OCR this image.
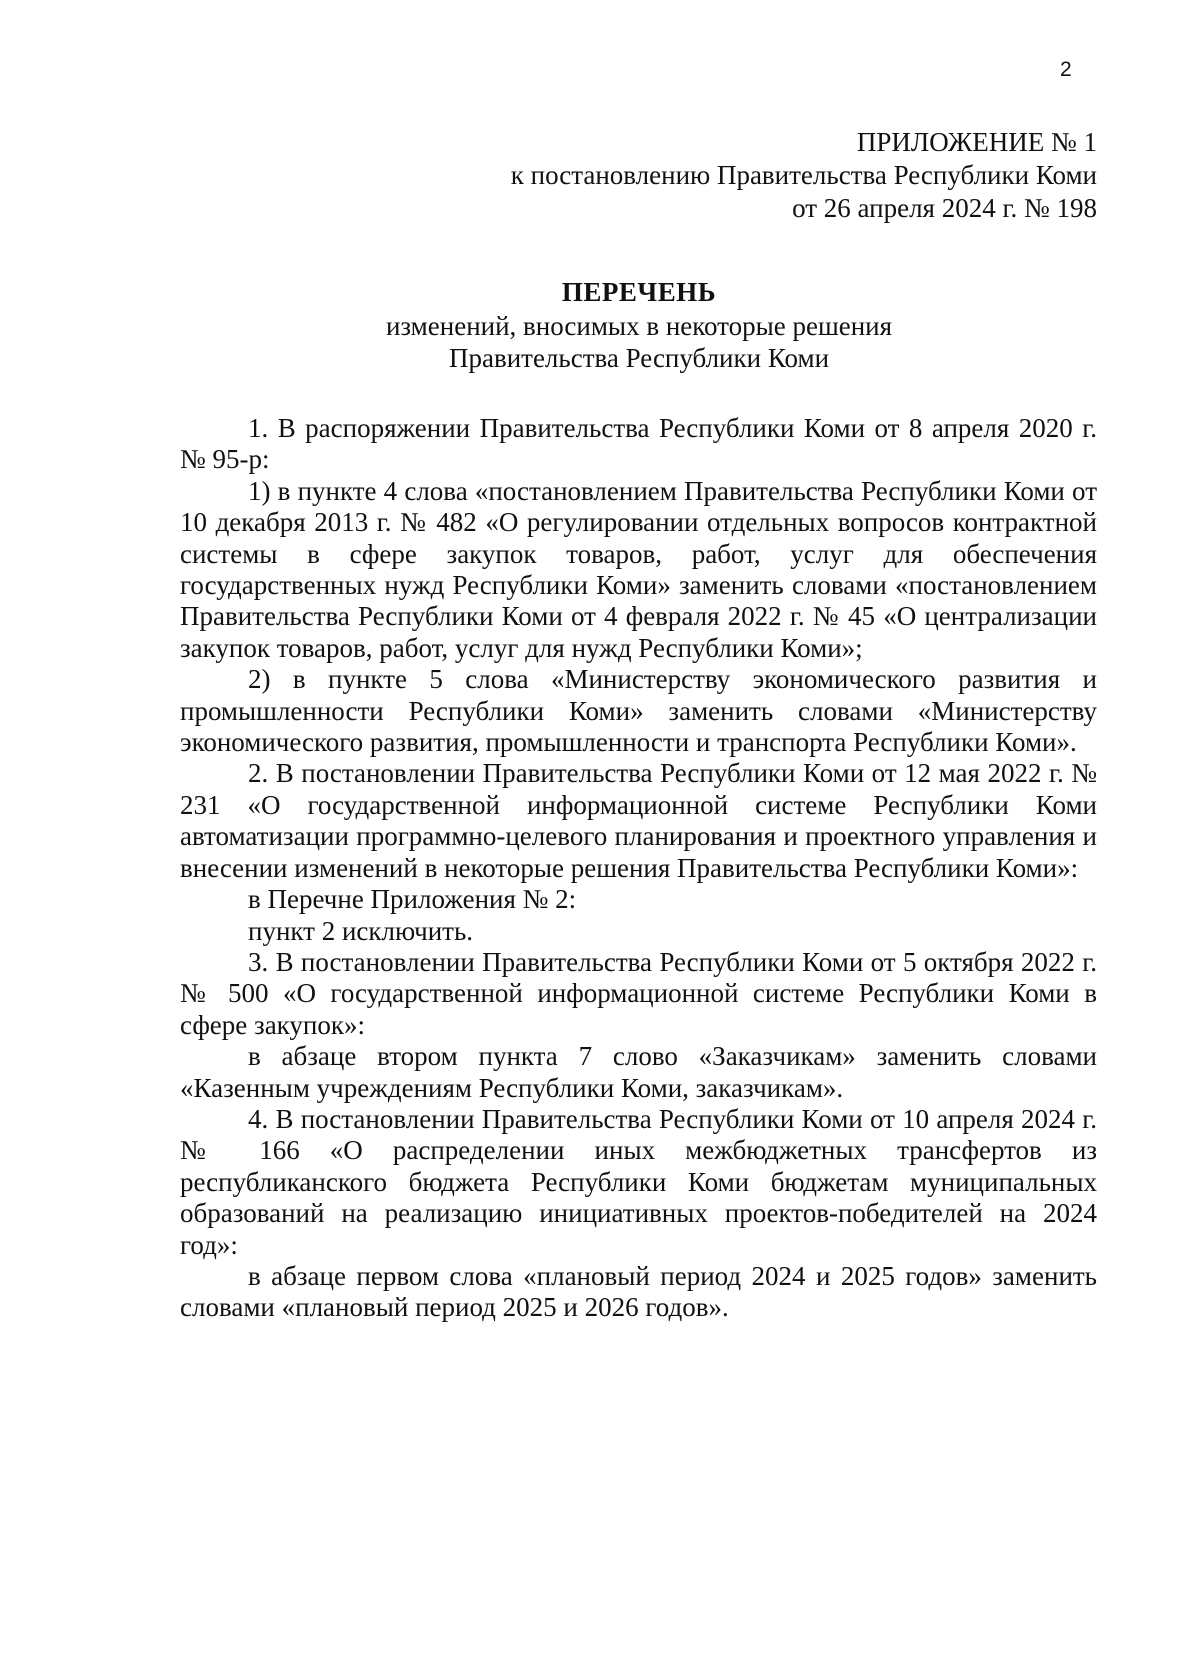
2
ПРИЛОЖЕНИЕ № 1
к постановлению Правительства Республики Коми
от 26 апреля 2024 г. № 198
ПЕРЕЧЕНЬ
изменений, вносимых в некоторые решения
Правительства Республики Коми

1. В распоряжении Правительства Республики Коми от 8 апреля 2020 г. № 95-р:

1) в пункте 4 слова «постановлением Правительства Республики Коми от 10 декабря 2013 г. № 482 «О регулировании отдельных вопросов контрактной системы в сфере закупок товаров, работ, услуг для обеспечения государственных нужд Республики Коми» заменить словами «постановлением Правительства Республики Коми от 4 февраля 2022 г. № 45 «О централизации закупок товаров, работ, услуг для нужд Республики Коми»;

2) в пункте 5 слова «Министерству экономического развития и промышленности Республики Коми» заменить словами «Министерству экономического развития, промышленности и транспорта Республики Коми».

2. В постановлении Правительства Республики Коми от 12 мая 2022 г. № 231 «О государственной информационной системе Республики Коми автоматизации программно-целевого планирования и проектного управления и внесении изменений в некоторые решения Правительства Республики Коми»:

в Перечне Приложения № 2:

пункт 2 исключить.

3. В постановлении Правительства Республики Коми от 5 октября 2022 г. № 500 «О государственной информационной системе Республики Коми в сфере закупок»:

в абзаце втором пункта 7 слово «Заказчикам» заменить словами «Казенным учреждениям Республики Коми, заказчикам».

4. В постановлении Правительства Республики Коми от 10 апреля 2024 г. № 166 «О распределении иных межбюджетных трансфертов из республиканского бюджета Республики Коми бюджетам муниципальных образований на реализацию инициативных проектов-победителей на 2024 год»:

в абзаце первом слова «плановый период 2024 и 2025 годов» заменить словами «плановый период 2025 и 2026 годов».
